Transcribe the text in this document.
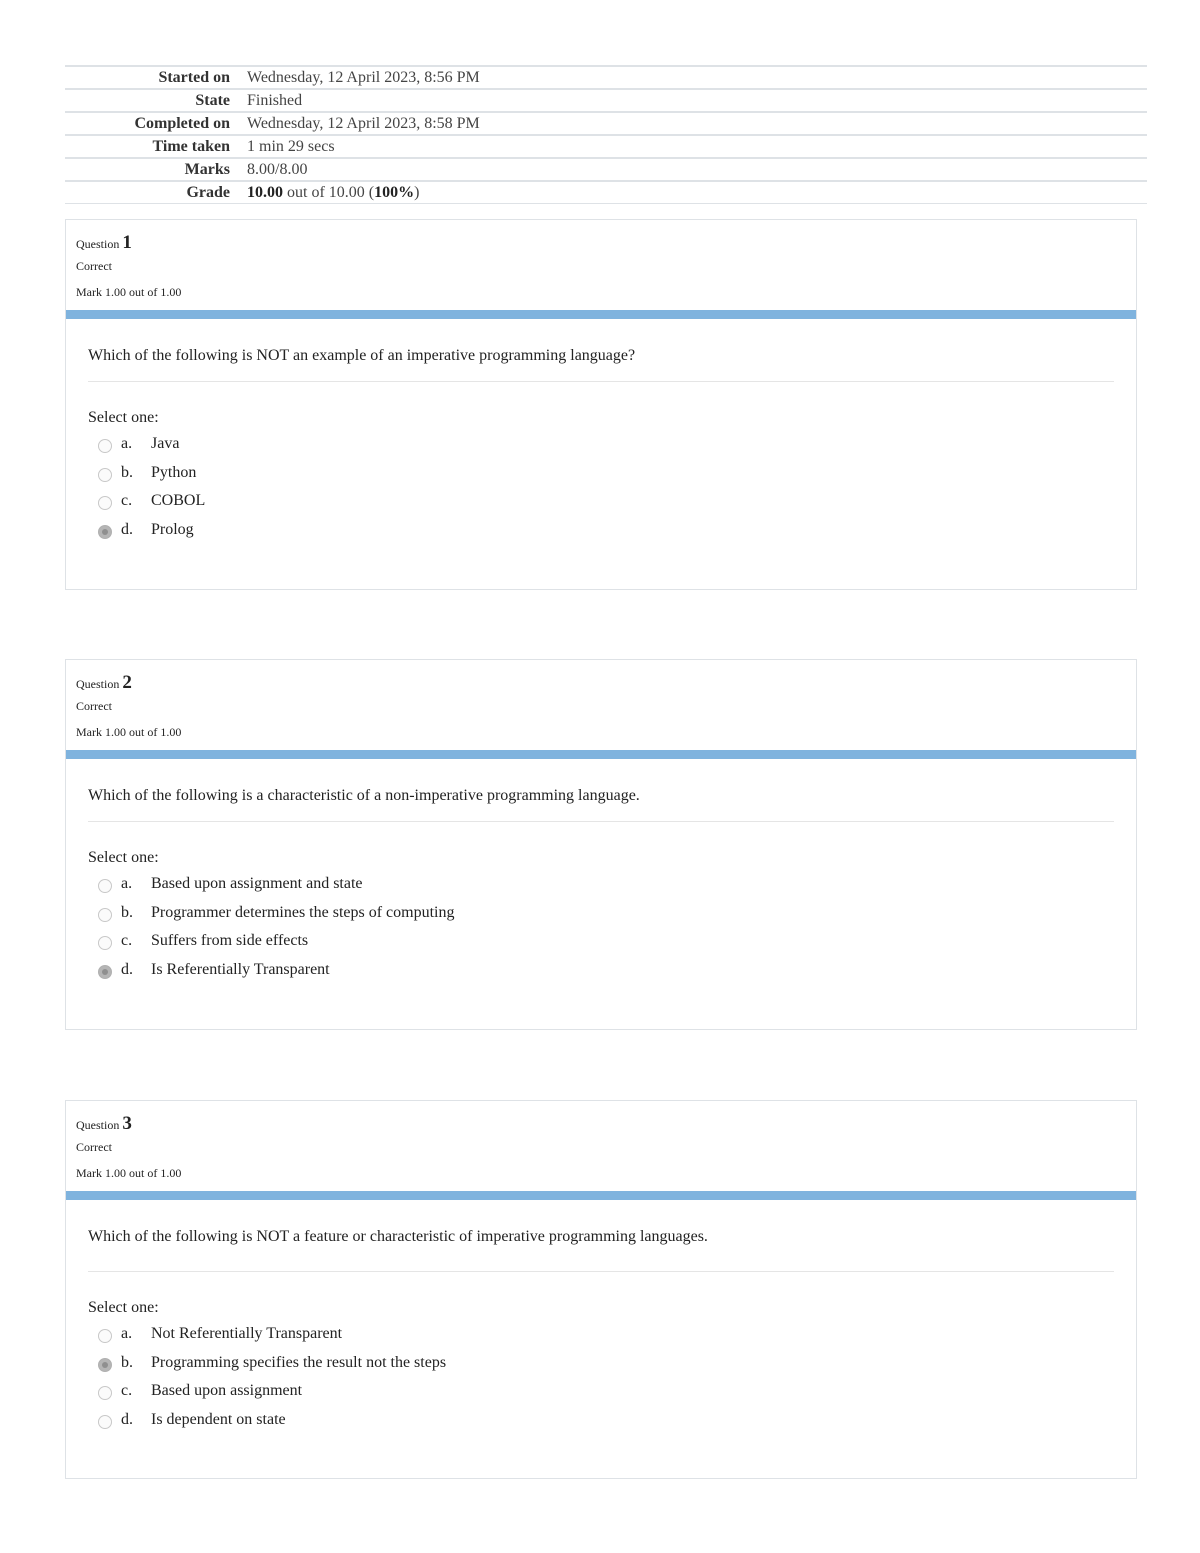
Started on	Wednesday, 12 April 2023, 8:56 PM
State	Finished
Completed on	Wednesday, 12 April 2023, 8:58 PM
Time taken	1 min 29 secs
Marks	8.00/8.00
Grade	10.00 out of 10.00 (100%)
Question 1
Correct
Mark 1.00 out of 1.00
Which of the following is NOT an example of an imperative programming language?
Select one:
a.	Java
b.	Python
c.	COBOL
d.	Prolog
Question 2
Correct
Mark 1.00 out of 1.00
Which of the following is a characteristic of a non-imperative programming language.
Select one:
a.	Based upon assignment and state
b.	Programmer determines the steps of computing
c.	Suffers from side effects
d.	Is Referentially Transparent
Question 3
Correct
Mark 1.00 out of 1.00
Which of the following is NOT a feature or characteristic of imperative programming languages.
Select one:
a.	Not Referentially Transparent
b.	Programming specifies the result not the steps
c.	Based upon assignment
d.	Is dependent on state
